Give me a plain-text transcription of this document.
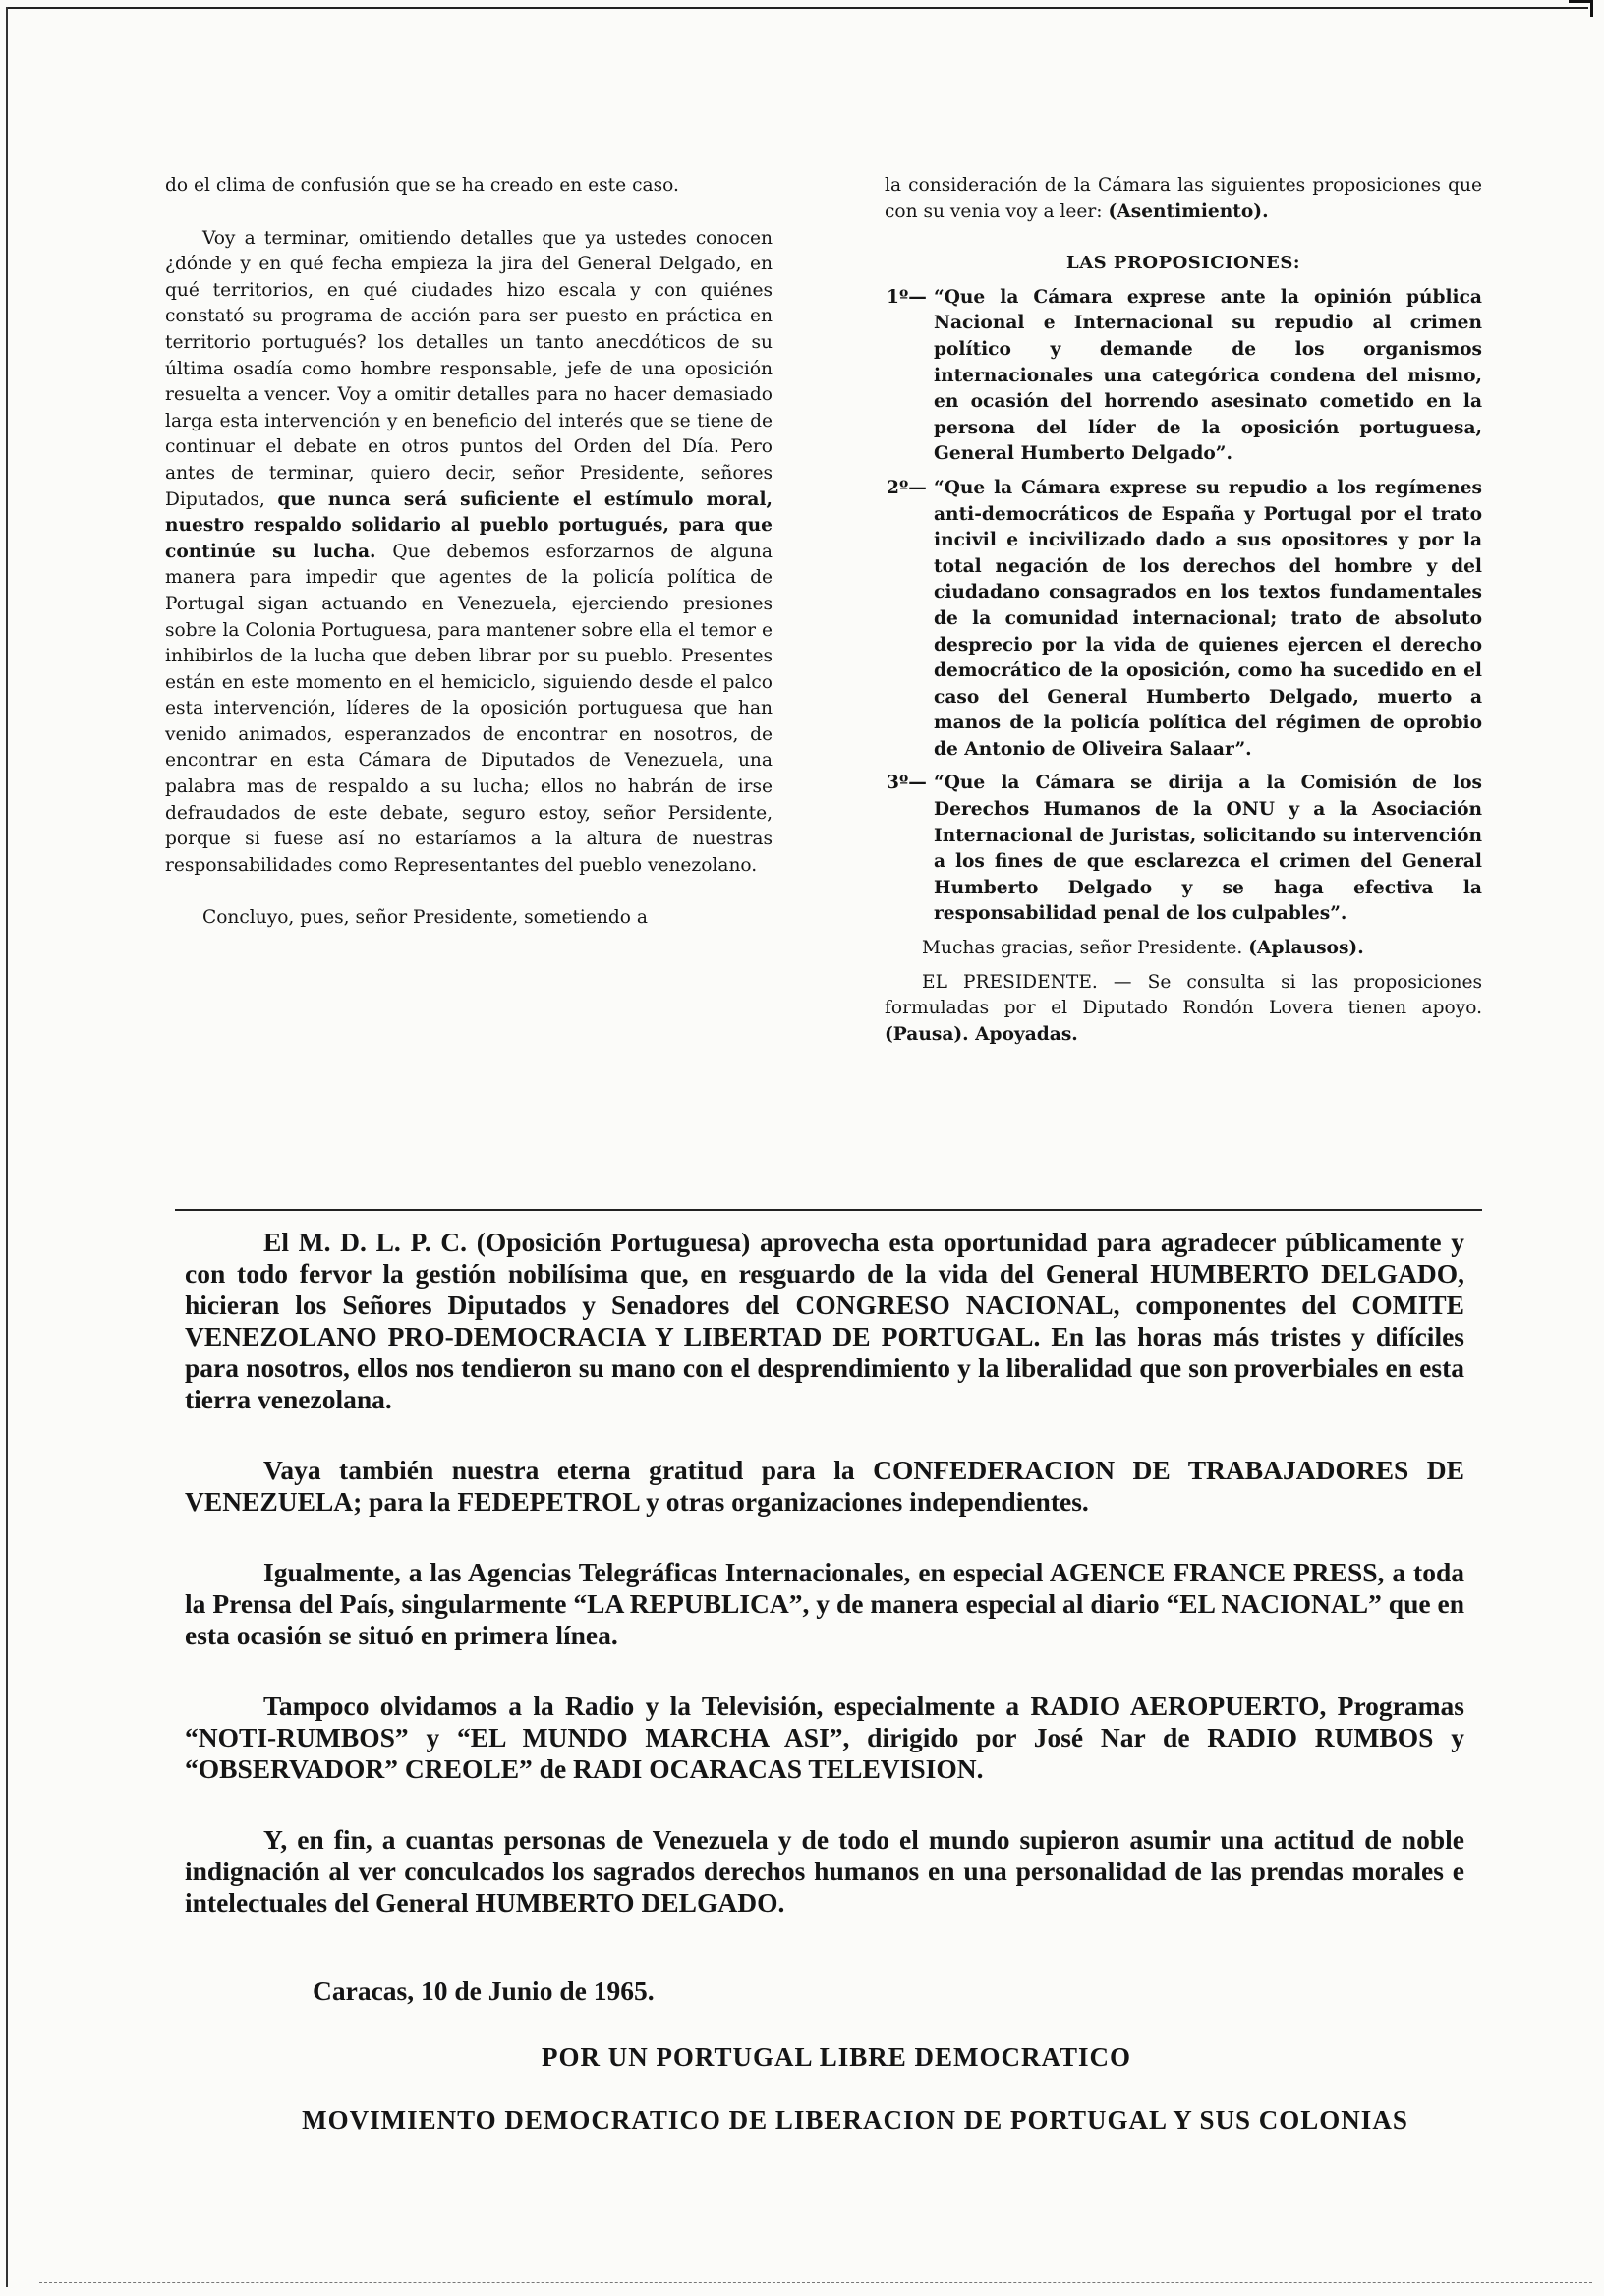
do el clima de confusión que se ha creado en este caso.

Voy a terminar, omitiendo detalles que ya ustedes conocen ¿dónde y en qué fecha empieza la jira del General Delgado, en qué territorios, en qué ciudades hizo escala y con quiénes constató su programa de acción para ser puesto en práctica en territorio portugués? los detalles un tanto anecdóticos de su última osadía como hombre responsable, jefe de una oposición resuelta a vencer. Voy a omitir detalles para no hacer demasiado larga esta intervención y en beneficio del interés que se tiene de continuar el debate en otros puntos del Orden del Día. Pero antes de terminar, quiero decir, señor Presidente, señores Diputados, que nunca será suficiente el estímulo moral, nuestro respaldo solidario al pueblo portugués, para que continúe su lucha. Que debemos esforzarnos de alguna manera para impedir que agentes de la policía política de Portugal sigan actuando en Venezuela, ejerciendo presiones sobre la Colonia Portuguesa, para mantener sobre ella el temor e inhibirlos de la lucha que deben librar por su pueblo. Presentes están en este momento en el hemiciclo, siguiendo desde el palco esta intervención, líderes de la oposición portuguesa que han venido animados, esperanzados de encontrar en nosotros, de encontrar en esta Cámara de Diputados de Venezuela, una palabra mas de respaldo a su lucha; ellos no habrán de irse defraudados de este debate, seguro estoy, señor Persidente, porque si fuese así no estaríamos a la altura de nuestras responsabilidades como Representantes del pueblo venezolano.

Concluyo, pues, señor Presidente, sometiendo a

la consideración de la Cámara las siguientes proposiciones que con su venia voy a leer: (Asentimiento).

LAS PROPOSICIONES:

1º— “Que la Cámara exprese ante la opinión pública Nacional e Internacional su repudio al crimen político y demande de los organismos internacionales una categórica condena del mismo, en ocasión del horrendo asesinato cometido en la persona del líder de la oposición portuguesa, General Humberto Delgado”.

2º— “Que la Cámara exprese su repudio a los regímenes anti-democráticos de España y Portugal por el trato incivil e incivilizado dado a sus opositores y por la total negación de los derechos del hombre y del ciudadano consagrados en los textos fundamentales de la comunidad internacional; trato de absoluto desprecio por la vida de quienes ejercen el derecho democrático de la oposición, como ha sucedido en el caso del General Humberto Delgado, muerto a manos de la policía política del régimen de oprobio de Antonio de Oliveira Salaar”.

3º— “Que la Cámara se dirija a la Comisión de los Derechos Humanos de la ONU y a la Asociación Internacional de Juristas, solicitando su intervención a los fines de que esclarezca el crimen del General Humberto Delgado y se haga efectiva la responsabilidad penal de los culpables”.

Muchas gracias, señor Presidente. (Aplausos).

EL PRESIDENTE. — Se consulta si las proposiciones formuladas por el Diputado Rondón Lovera tienen apoyo. (Pausa). Apoyadas.

El M. D. L. P. C. (Oposición Portuguesa) aprovecha esta oportunidad para agradecer públicamente y con todo fervor la gestión nobilísima que, en resguardo de la vida del General HUMBERTO DELGADO, hicieran los Señores Diputados y Senadores del CONGRESO NACIONAL, componentes del COMITE VENEZOLANO PRO-DEMOCRACIA Y LIBERTAD DE PORTUGAL. En las horas más tristes y difíciles para nosotros, ellos nos tendieron su mano con el desprendimiento y la liberalidad que son proverbiales en esta tierra venezolana.

Vaya también nuestra eterna gratitud para la CONFEDERACION DE TRABAJADORES DE VENEZUELA; para la FEDEPETROL y otras organizaciones independientes.

Igualmente, a las Agencias Telegráficas Internacionales, en especial AGENCE FRANCE PRESS, a toda la Prensa del País, singularmente “LA REPUBLICA”, y de manera especial al diario “EL NACIONAL” que en esta ocasión se situó en primera línea.

Tampoco olvidamos a la Radio y la Televisión, especialmente a RADIO AEROPUERTO, Programas “NOTI-RUMBOS” y “EL MUNDO MARCHA ASI”, dirigido por José Nar de RADIO RUMBOS y “OBSERVADOR” CREOLE” de RADI OCARACAS TELEVISION.

Y, en fin, a cuantas personas de Venezuela y de todo el mundo supieron asumir una actitud de noble indignación al ver conculcados los sagrados derechos humanos en una personalidad de las prendas morales e intelectuales del General HUMBERTO DELGADO.

Caracas, 10 de Junio de 1965.
POR UN PORTUGAL LIBRE DEMOCRATICO
MOVIMIENTO DEMOCRATICO DE LIBERACION DE PORTUGAL Y SUS COLONIAS
